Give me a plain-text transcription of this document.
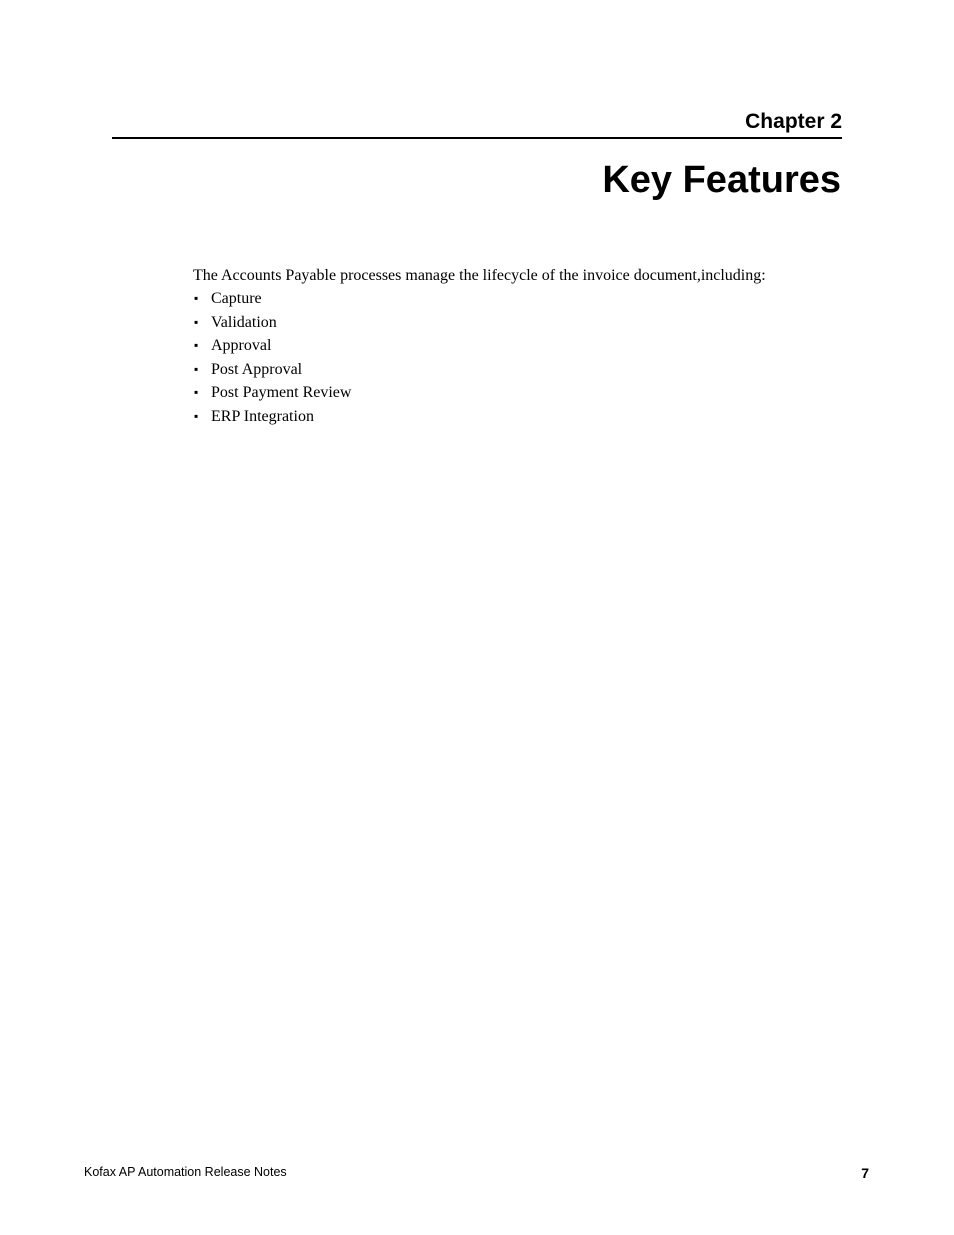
Chapter 2
Key Features

The Accounts Payable processes manage the lifecycle of the invoice document,including:

▪ Capture
▪ Validation
▪ Approval
▪ Post Approval
▪ Post Payment Review
▪ ERP Integration
Kofax AP Automation Release Notes	7
